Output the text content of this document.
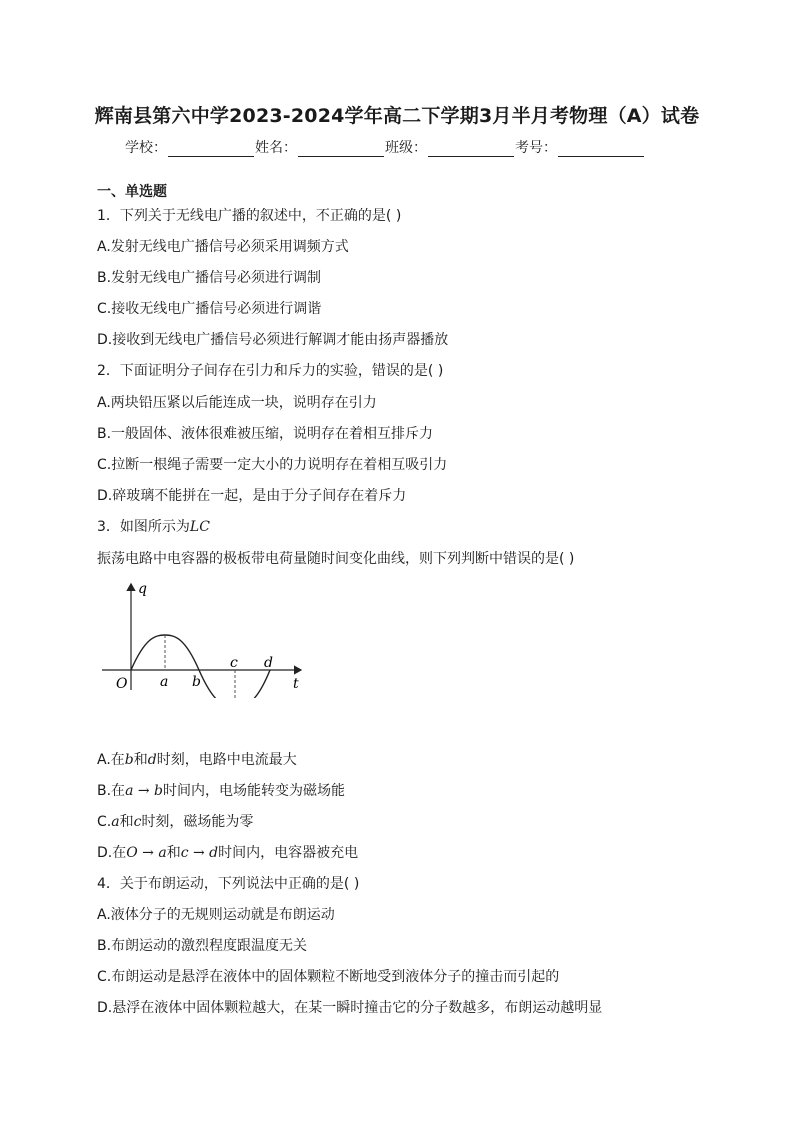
辉南县第六中学2023-2024学年高二下学期3月半月考物理（A）试卷
学校：	姓名：	班级：	考号：
一、单选题
1．下列关于无线电广播的叙述中，不正确的是( )
A.发射无线电广播信号必须采用调频方式
B.发射无线电广播信号必须进行调制
C.接收无线电广播信号必须进行调谐
D.接收到无线电广播信号必须进行解调才能由扬声器播放
2．下面证明分子间存在引力和斥力的实验，错误的是( )
A.两块铅压紧以后能连成一块，说明存在引力
B.一般固体、液体很难被压缩，说明存在着相互排斥力
C.拉断一根绳子需要一定大小的力说明存在着相互吸引力
D.碎玻璃不能拼在一起，是由于分子间存在着斥力
3．如图所示为LC
振荡电路中电容器的极板带电荷量随时间变化曲线，则下列判断中错误的是( )
q
t
O a b
c d
A.在b和d时刻，电路中电流最大
B.在a → b时间内，电场能转变为磁场能
C.a和c时刻，磁场能为零
D.在O → a和c → d时间内，电容器被充电
4．关于布朗运动，下列说法中正确的是( )
A.液体分子的无规则运动就是布朗运动
B.布朗运动的激烈程度跟温度无关
C.布朗运动是悬浮在液体中的固体颗粒不断地受到液体分子的撞击而引起的
D.悬浮在液体中固体颗粒越大，在某一瞬时撞击它的分子数越多，布朗运动越明显
